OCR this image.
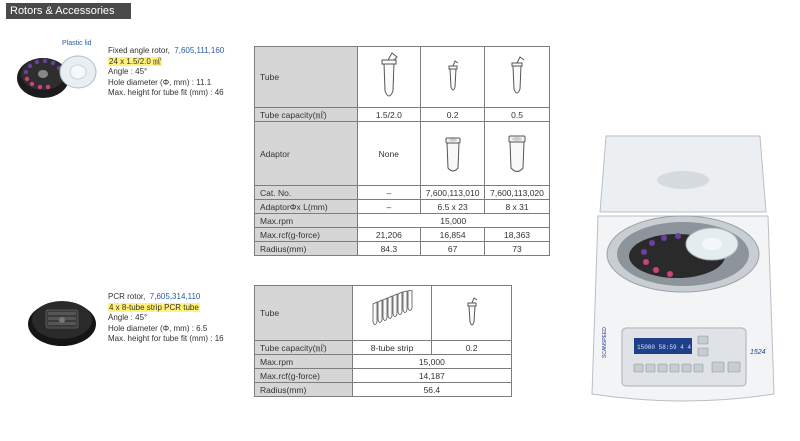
Rotors & Accessories
Plastic lid
Fixed angle rotor, 7,605,111,160
24 x 1.5/2.0 ㎖
Angle : 45°
Hole diameter (Φ, mm) : 11.1
Max. height for tube fit (mm) : 46
Tube	

Tube capacity(㎖)	1.5/2.0	0.2	0.5
Adaptor	None	

Cat. No.	–	7,600,113,010	7,600,113,020
AdaptorΦx L(mm)	–	6.5 x 23	8 x 31
Max.rpm	15,000		
Max.rcf(g-force)	21,206	16,854	18,363
Radius(mm)	84.3	67	73
PCR rotor, 7,605,314,110
4 x 8-tube strip PCR tube
Angle : 45°
Hole diameter (Φ, mm) : 6.5
Max. height for tube fit (mm) : 16
Tube	

Tube capacity(㎖)	8-tube strip	0.2
Max.rpm	15,000	
Max.rcf(g-force)	14,187	
Radius(mm)	56.4	
15000 58:59 4 4
SCANSPEED	1524
